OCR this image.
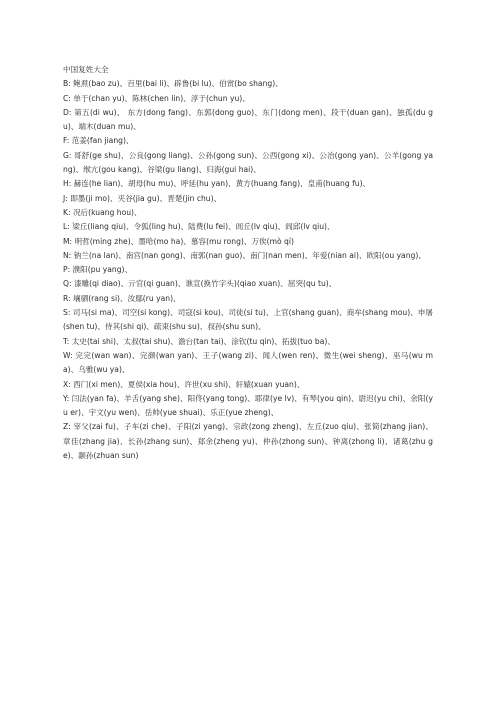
中国复姓大全

B: 鲍焄(bao zu)、百里(bai li)、辟鲁(bi lu)、伯赏(bo shang)、

C: 单于(chan yu)、陈林(chen lin)、淳于(chun yu)、

D: 第五(di wu)、 东方(dong fang)、东郭(dong guo)、东门(dong men)、段干(duan gan)、独孤(du gu)、端木(duan mu)、

F: 范姜(fan jiang)、

G: 哥舒(ge shu)、公良(gong liang)、公孙(gong sun)、公西(gong xi)、公冶(gong yan)、公羊(gong yang)、缑亢(gou kang)、谷梁(gu liang)、归海(gui hai)、

H: 赫连(he lian)、胡母(hu mu)、呼延(hu yan)、黄方(huang fang)、皇甫(huang fu)、

J: 即墨(ji mo)、夹谷(jia gu)、晋楚(jin chu)、

K: 况后(kuang hou)、

L: 梁丘(liang qiu)、令狐(ling hu)、陆费(lu fei)、闾丘(lv qiu)、闾邱(lv qiu)、

M: 明哲(ming zhe)、墨哈(mo ha)、慕容(mu rong)、万俟(mò qí)

N: 钠兰(na lan)、南宫(nan gong)、南郭(nan guo)、南门(nan men)、年爱(nian ai)、欧阳(ou yang)、

P: 濮阳(pu yang)、

Q: 漆雕(qi diao)、亓官(qi guan)、谯宣(换竹字头)(qiao xuan)、屈突(qu tu)、

R: 壤驷(rang si)、汝鄢(ru yan)、

S: 司马(si ma)、司空(si kong)、司寇(si kou)、司徒(si tu)、上官(shang guan)、商牟(shang mou)、申屠(shen tu)、侍其(shi qi)、疏束(shu su)、叔孙(shu sun)、

T: 太史(tai shi)、太叔(tai shu)、澹台(tan tai)、涂钦(tu qin)、拓拔(tuo ba)、

W: 完完(wan wan)、完颜(wan yan)、王子(wang zi)、闻人(wen ren)、微生(wei sheng)、巫马(wu ma)、乌雅(wu ya)、

X: 西门(xi men)、夏侯(xia hou)、许世(xu shi)、轩辕(xuan yuan)、

Y: 闫法(yan fa)、羊舌(yang she)、阳佟(yang tong)、耶律(ye lv)、有琴(you qin)、尉迟(yu chi)、余阳(yu er)、宇文(yu wen)、岳帅(yue shuai)、乐正(yue zheng)、

Z: 宰父(zai fu)、子车(zi che)、子阳(zi yang)、宗政(zong zheng)、左丘(zuo qiu)、张简(zhang jian)、章佳(zhang jia)、长孙(zhang sun)、郑余(zheng yu)、仲孙(zhong sun)、钟离(zhong li)、诸葛(zhu ge)、颛孙(zhuan sun)
